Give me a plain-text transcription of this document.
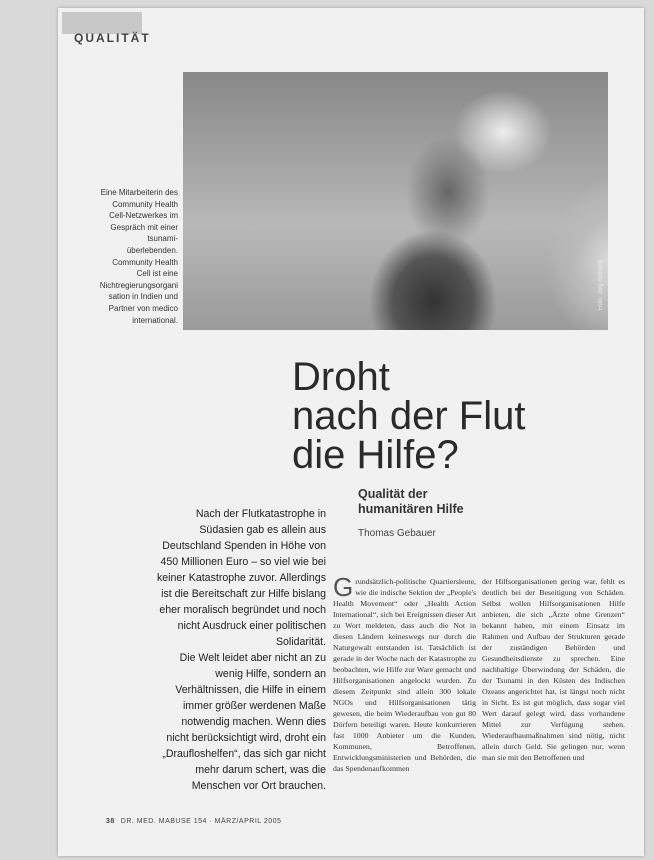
QUALITÄT
Foto: Jörg Böthling
Eine Mitarbeiterin des Community Health Cell-Netzwerkes im Gespräch mit einer tsunami-überlebenden. Community Health Cell ist eine Nichtregierungsorganisation in Indien und Partner von medico international.
Droht
nach der Flut
die Hilfe?
Qualität der
humanitären Hilfe
Thomas Gebauer
Nach der Flutkatastrophe in
Südasien gab es allein aus
Deutschland Spenden in Höhe von
450 Millionen Euro – so viel wie bei
keiner Katastrophe zuvor. Allerdings
ist die Bereitschaft zur Hilfe bislang
eher moralisch begründet und noch
nicht Ausdruck einer politischen
Solidarität.
Die Welt leidet aber nicht an zu
wenig Hilfe, sondern an
Verhältnissen, die Hilfe in einem
immer größer werdenen Maße
notwendig machen. Wenn dies
nicht berücksichtigt wird, droht ein
„Draufloshelfen“, das sich gar nicht
mehr darum schert, was die
Menschen vor Ort brauchen.
Grundsätzlich-politische Quartiersleute, wie die indische Sektion der „People's Health Movement“ oder „Health Action International“, sich bei Ereignissen dieser Art zu Wort meldeten, dass auch die Not in diesen Ländern keineswegs nur durch die Naturgewalt entstanden ist. Tatsächlich ist gerade in der Woche nach der Katastrophe zu beobachten, wie Hilfe zur Ware gemacht und Hilfsorganisationen angelockt wurden. Zu diesem Zeitpunkt sind allein 300 lokale NGOs und Hilfsorganisationen tätig gewesen, die beim Wiederaufbau von gut 80 Dörfern beteiligt waren. Heute konkurrieren fast 1000 Anbieter um die Kunden, Kommunen, Betroffenen, Entwicklungsministerien und Behörden, die das Spendenaufkommen
der Hilfsorganisationen gering war, fehlt es deutlich bei der Beseitigung von Schäden. Selbst wollen Hilfsorganisationen Hilfe anbieten, die sich „Ärzte ohne Grenzen“ bekannt haben, mit einem Einsatz im Rahmen und Aufbau der Strukturen gerade der zuständigen Behörden und Gesundheitsdienste zu sprechen. Eine nachhaltige Überwindung der Schäden, die der Tsunami in den Küsten des Indischen Ozeans angerichtet hat, ist längst noch nicht in Sicht. Es ist gut möglich, dass sogar viel Wert darauf gelegt wird, dass vorhandene Mittel zur Verfügung stehen. Wiederaufbaumaßnahmen sind nötig, nicht allein durch Geld. Sie gelingen nur, wenn man sie mit den Betroffenen und
38 DR. MED. MABUSE 154 · MÄRZ/APRIL 2005
